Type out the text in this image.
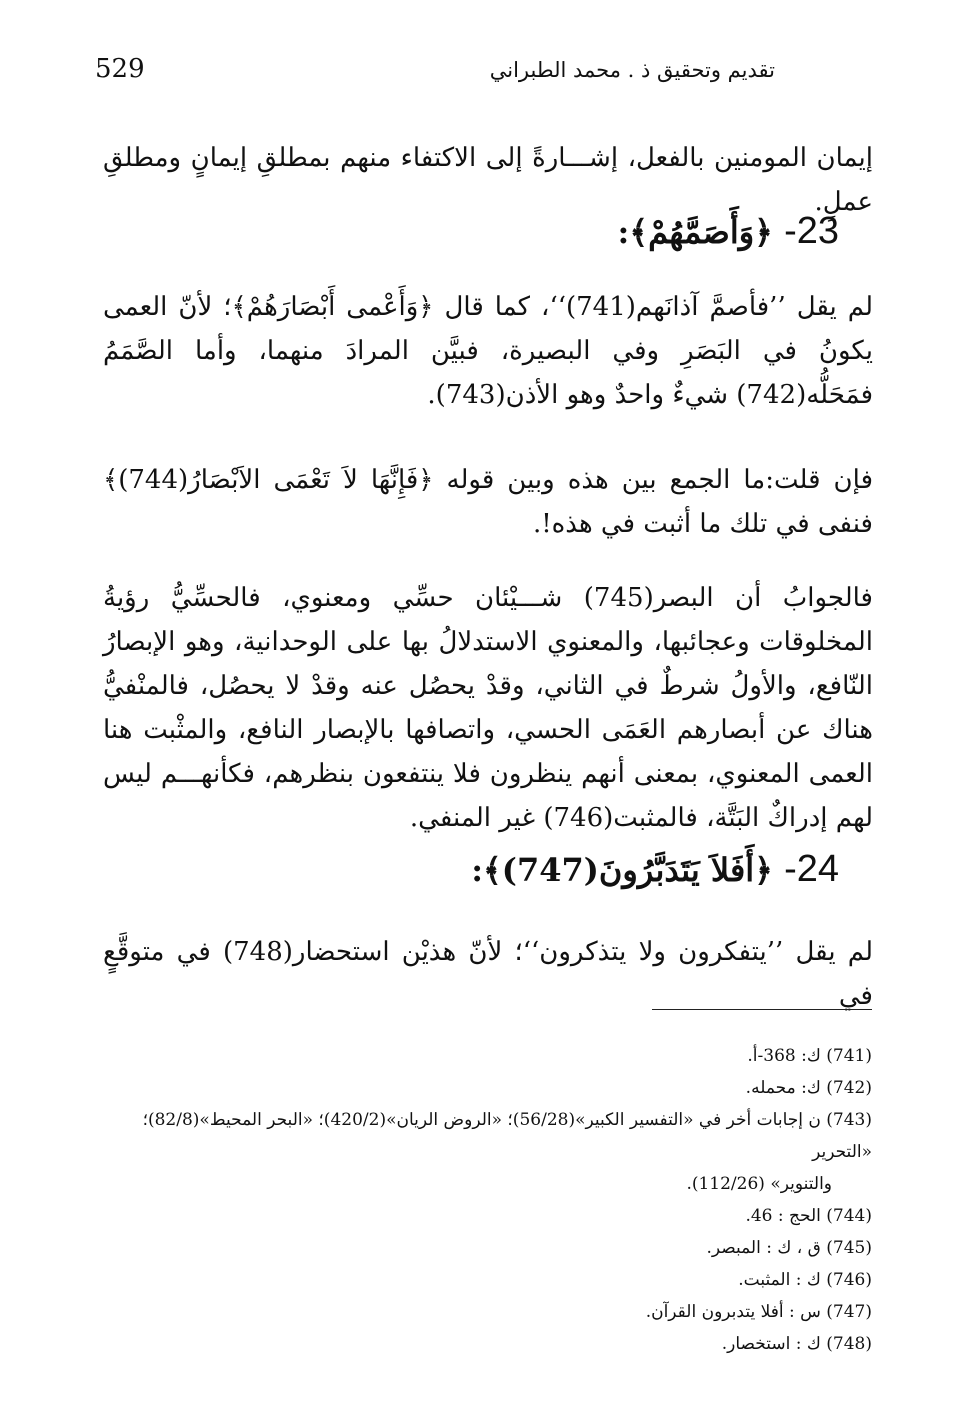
529	تقديم وتحقيق ذ . محمد الطبراني
إيمان المومنين بالفعل، إشـــارةً إلى الاكتفاء منهم بمطلقِ إيمانٍ ومطلقِ عملٍ.
23- ﴿وَأَصَمَّهُمْ﴾:
لم يقل ’’فأصمَّ آذانَهم(741)‘‘، كما قال ﴿وَأَعْمى أَبْصَارَهُمْ﴾؛ لأنّ العمى يكونُ في البَصَرِ وفي البصيرة، فبيَّن المرادَ منهما، وأما الصَّمَمُ فمَحَلُّه(742) شيءٌ واحدٌ وهو الأذن(743).
فإن قلت:ما الجمع بين هذه وبين قوله ﴿فَإِنَّهَا لاَ تَعْمَى الاَبْصَارُ(744)﴾ فنفى في تلك ما أثبت في هذه!.
فالجوابُ أن البصر(745) شـــيْئان حسِّي ومعنوي، فالحسِّيُّ رؤيةُ المخلوقات وعجائبها، والمعنوي الاستدلالُ بها على الوحدانية، وهو الإبصارُ النّافع، والأولُ شرطٌ في الثاني، وقدْ يحصُل عنه وقدْ لا يحصُل، فالمنْفيُّ هناك عن أبصارهم العَمَى الحسي، واتصافها بالإبصار النافع، والمثْبت هنا العمى المعنوي، بمعنى أنهم ينظرون فلا ينتفعون بنظرهم، فكأنهـــم ليس لهم إدراكٌ البَتَّة، فالمثبت(746) غير المنفي.
24- ﴿أَفَلاَ يَتَدَبَّرُونَ(747)﴾:
لم يقل ’’يتفكرون ولا يتذكرون‘‘؛ لأنّ هذيْن استحضار(748) في متوقَّعٍ في
(741) ك: 368-أ.
(742) ك: محمله.
(743) ن إجابات أخر في «التفسير الكبير»(56/28)؛ «الروض الريان»(420/2)؛ «البحر المحيط»(82/8)؛ «التحرير
والتنوير» (112/26).
(744) الحج : 46.
(745) ق ، ك : المبصر.
(746) ك : المثبت.
(747) س : أفلا يتدبرون القرآن.
(748) ك : استخصار.
